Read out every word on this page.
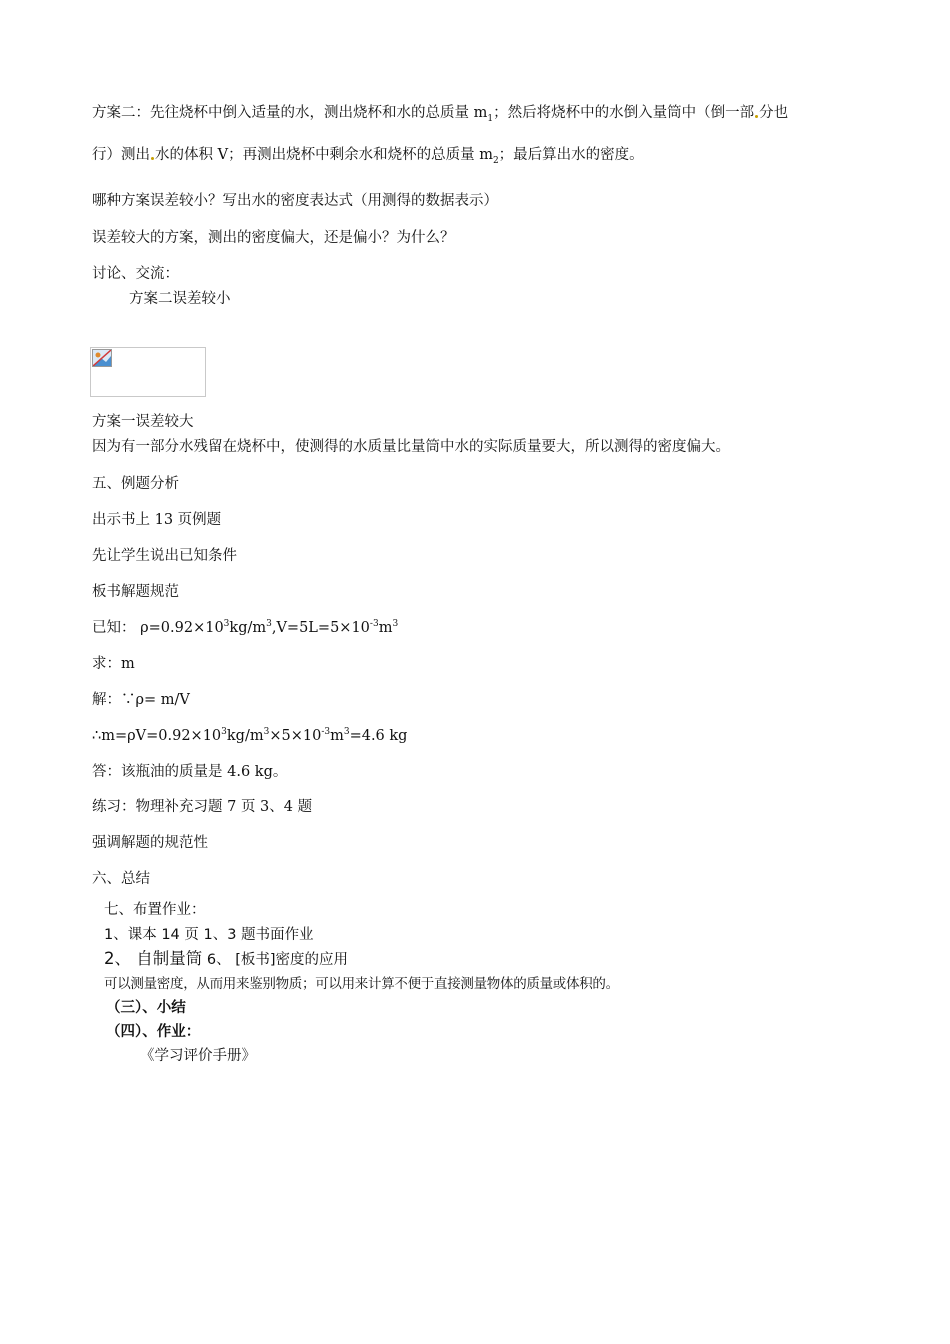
方案二：先往烧杯中倒入适量的水，测出烧杯和水的总质量 $m_1$；然后将烧杯中的水倒入量筒中（倒一部 分也
行）测出 水的体积 V；再测出烧杯中剩余水和烧杯的总质量 $m_2$；最后算出水的密度。
哪种方案误差较小？写出水的密度表达式（用测得的数据表示）
误差较大的方案，测出的密度偏大，还是偏小？为什么？
讨论、交流：
方案二误差较小
方案一误差较大
因为有一部分水残留在烧杯中，使测得的水质量比量筒中水的实际质量要大，所以测得的密度偏大。
五、例题分析
出示书上 13 页例题
先让学生说出已知条件
板书解题规范
已知： $\rho=0.92\times 10^3kg/m^3,V=5L=5\times 10^{-3}m^3$
求：m
解：∵ρ= m/V
$\therefore m=\rho V=0.92\times 10^3kg/m^3\times 5\times 10^{-3}m^3=4.6$ kg
答：该瓶油的质量是 4.6 kg。
练习：物理补充习题 7 页 3、4 题
强调解题的规范性
六、总结
七、布置作业：
1、课本 14 页 1、3 题书面作业
2、 自制量筒 6、 [板书]密度的应用
可以测量密度，从而用来鉴别物质；可以用来计算不便于直接测量物体的质量或体积的。
（三）、小结
（四）、作业：
《学习评价手册》
